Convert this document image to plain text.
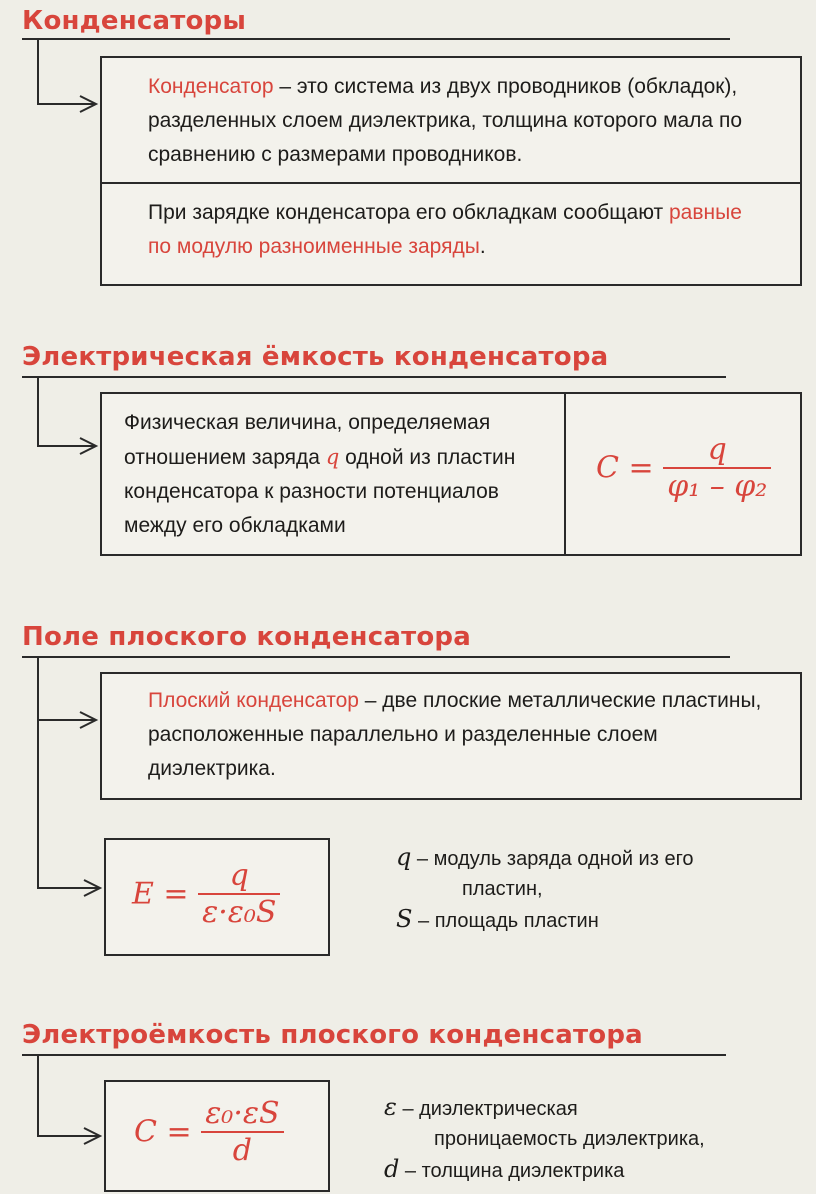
Конденсаторы
Конденсатор – это система из двух проводников (обкладок), разделенных слоем диэлектрика, толщина которого мала по сравнению с размерами проводников.
При зарядке конденсатора его обкладкам сообщают равные по модулю разноименные заряды.
Электрическая ёмкость конденсатора
Физическая величина, определяемая отношением заряда q одной из пластин конденсатора к разности потенциалов между его обкладками
$C = \frac{q}{\text{φ₁ – φ₂}}$
Поле плоского конденсатора
Плоский конденсатор – две плоские металлические пластины, расположенные параллельно и разделенные слоем диэлектрика.
$E = \frac{q}{\text{ε·ε₀S}}$
q – модуль заряда одной из его
пластин,
S – площадь пластин
Электроёмкость плоского конденсатора
$C = \frac{\text{ε₀·εS}}{d}$	ε – диэлектрическая
проницаемость диэлектрика,
d – толщина диэлектрика
